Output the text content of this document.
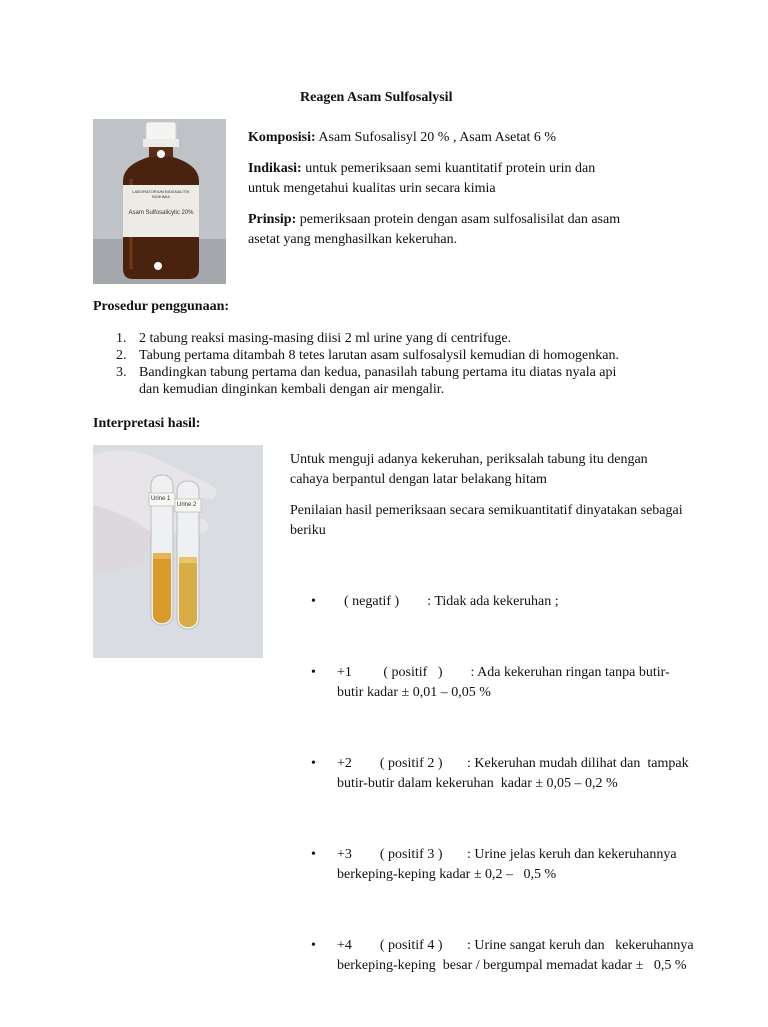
Reagen Asam Sulfosalysil
LABORATORIUM BIOANALITIK
BIOKIMIA
Asam Sulfosalicylic 20%

Komposisi: Asam Sufosalisyl 20 % , Asam Asetat 6 %

Indikasi: untuk pemeriksaan semi kuantitatif protein urin dan
untuk mengetahui kualitas urin secara kimia

Prinsip: pemeriksaan protein dengan asam sulfosalisilat dan asam
asetat yang menghasilkan kekeruhan.

Prosedur penggunaan:
1. 2 tabung reaksi masing-masing diisi 2 ml urine yang di centrifuge.
2. Tabung pertama ditambah 8 tetes larutan asam sulfosalysil kemudian di homogenkan.
3. Bandingkan tabung pertama dan kedua, panasilah tabung pertama itu diatas nyala api
dan kemudian dinginkan kembali dengan air mengalir.
Interpretasi hasil:
Urine 1
Urine 2

Untuk menguji adanya kekeruhan, periksalah tabung itu dengan
cahaya berpantul dengan latar belakang hitam

Penilaian hasil pemeriksaan secara semikuantitatif dinyatakan sebagai
beriku

• ( negatif )        : Tidak ada kekeruhan ;

• +1         ( positif   )        : Ada kekeruhan ringan tanpa butir-
butir kadar ± 0,01 – 0,05 %

• +2        ( positif 2 )       : Kekeruhan mudah dilihat dan  tampak
butir-butir dalam kekeruhan  kadar ± 0,05 – 0,2 %

• +3        ( positif 3 )       : Urine jelas keruh dan kekeruhannya
berkeping-keping kadar ± 0,2 –   0,5 %

• +4        ( positif 4 )       : Urine sangat keruh dan   kekeruhannya
berkeping-keping  besar / bergumpal memadat kadar ±   0,5 %
